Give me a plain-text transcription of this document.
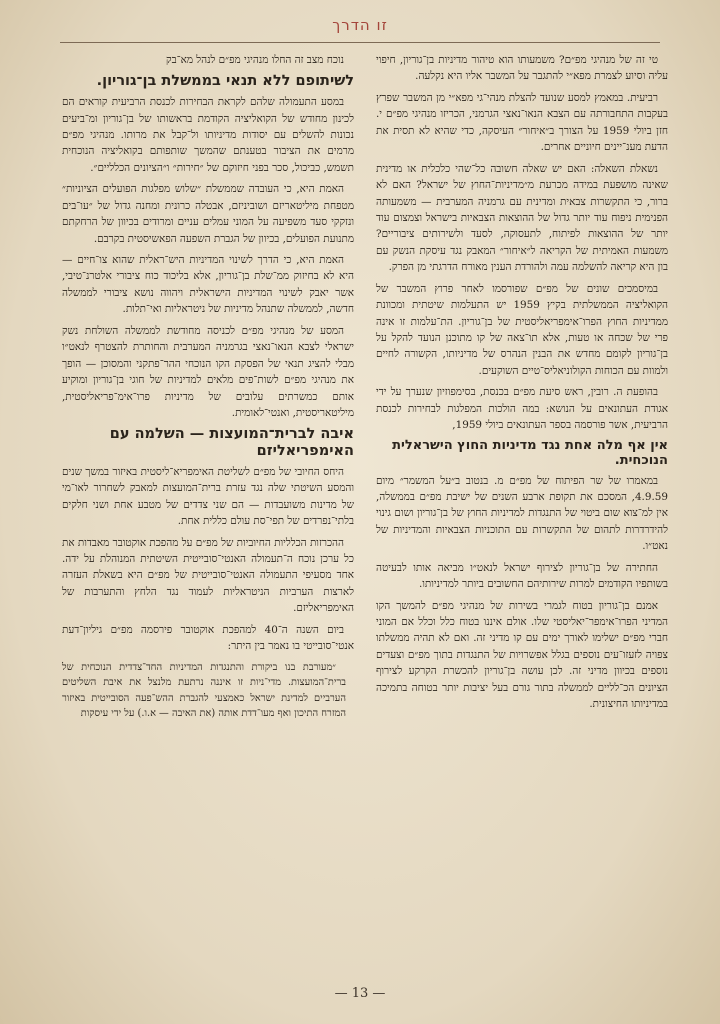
זו הדרך

טי זה של מנהיגי מפ״ם? משמעותו הוא טיהור מדיניות בן־גוריון, חיפוי עליה וסיוע לצמרת מפא״י להתגבר על המשבר אליו היא נקלעה.

רביעית. במאמץ למסע שנועד להצלת מנהי־גי מפא״י מן המשבר שפרץ בעקבות התחבורתה עם הצבא הנאו־נאצי הגרמני, הכריזו מנהיגי מפ״ם י. חזן ביולי 1959 על הצורך ב״איחור״ העיסקה, כדי שהיא לא תסית את הדעת מענ־יינים חיוניים אחרים.

נשאלת השאלה: האם יש שאלה חשובה כל־שהי כלכלית או מדינית שאינה מושפעת במידה מכרעת מ״מדיניות־החוץ של ישראל? האם לא ברור, כי התקשרות צבאית ומדינית עם גרמניה המערבית — משמעותה הפנימית ניפוח עוד יותר גדול של ההוצאות הצבאיות בישראל וצמצום עוד יותר של ההוצאות לפיתוח, לתעסוקה, לסעד ולשירותים ציבוריים? משמעות האמיתית של הקריאה ל״איחור״ המאבק נגד עיסקת הנשק עם בון היא קריאה להשלמה עמה ולהורדת הענין מאורח הדרגתי מן הפרק.

במיסמכים שונים של מפ״ם שפורסמו לאחר פרוץ המשבר של הקואליציה הממשלתית בקיץ 1959 יש התעלמות שיטתית ומכוונת ממדיניות החוץ הפרו־אימפריאליסטית של בן־גוריון. הת־עלמות זו אינה פרי של שכחה או טעות, אלא תו־צאה של קו מתוכנן הנועד להקל על בן־גוריון לקומם מחדש את הבנין הנהרס של מדיניותו, הקשורה לחיים ולמוות עם הכוחות הקולוניאליס־טיים השוקעים.

בהופעת ה. רובין, ראש סיעת מפ״ם בכנסת, בסימפוזיון שנערך על ידי אגודת העתונאים על הנושא: במה הולכות המפלגות לבחירות לכנסת הרביעית, אשר פורסמה בספר העתונאים ביולי 1959,

אין אף מלה אחת נגד מדיניות החוץ הישראלית הנוכחית.

במאמרו של שר הפיתוח של מפ״ם מ. בנטוב ב״על המשמר״ מיום 4.9.59, המסכם את תקופת ארבע השנים של ישיבת מפ״ם בממשלה, אין למ־צוא שום ביטוי של התנגדות למדיניות החוץ של בן־גוריון ושום גינוי להידרדרות לתהום של התקשרות עם התוכניות הצבאיות והמדיניות של נאט״ו.

החתירה של בן־גוריון לצירוף ישראל לנאט״ו מביאה אותו לבעיטה בשותפיו הקודמים למרות שירותיהם החשובים ביותר למדיניותו.

אמנם בן־גוריון בטוח לגמרי בשירות של מנהיגי מפ״ם להמשך הקו המדיני הפרו־אימפר־יאליסטי שלו. אולם איננו בטוח כלל וכלל אם המוני חברי מפ״ם ישלימו לאורך ימים עם קו מדיני זה. ואם לא תהיה ממשלתו צפויה לזעזו־עים נוספים בגלל אפשרויות של התנגדות בתוך מפ״ם וצעדים נוספים בכיוון מדיני זה. לכן עושה בן־גוריון להכשרת הקרקע לצירוף הציונים הכ־לליים לממשלה בתור גורם בעל יציבות יותר בטוחה בתמיכה במדיניותו החיצונית.

נוכח מצב זה החלו מנהיגי מפ״ם לנהל מא־בק

לשיתופם ללא תנאי בממשלת בן־גוריון.

במסע התעמולה שלהם לקראת הבחירות לכנסת הרביעית קוראים הם לכינון מחודש של הקואליציה הקודמת בראשותו של בן־גוריון ומ־ביעים נכונות להשלים עם יסודות מדיניותו ול־קבל את מרותו. מנהיגי מפ״ם מרמים את הציבור בטענתם שהמשך שותפותם בקואליציה הנוכחית תשמש, כביכול, סכר בפני חיזוקם של ״חירות״ ו״הציונים הכלליים״.

האמת היא, כי העובדה שממשלת ״שלוש מפלגות הפועלים הציוניות״ מטפחת מיליטאריזם ושוביניזם, אבטלה כרונית ומחנה גדול של ״עו־בים ונזקקי סעד משפיעה על המוני עמלים עניים ומרודים בכיוון של הרחקתם מתנועת הפועלים, בכיוון של הגברת השפעה הפאשיסטית בקרבם.

האמת היא, כי הדרך לשינוי המדיניות היש־ראלית שהוא צו־חיים — היא לא בחיזוק ממ־שלת בן־גוריון, אלא בליכוד כוח ציבורי אלטרנ־טיבי, אשר יאבק לשינוי המדיניות הישראלית ויהווה נושא ציבורי לממשלה חדשה, לממשלה שתנהל מדיניות של ניטראליות ואי־תלות.

המסע של מנהיגי מפ״ם לכניסה מחודשת לממשלה השולחת נשק ישראלי לצבא הנאו־נאצי בגרמניה המערבית והחותרת להצטרף לנאט״ו מבלי להציג תנאי של הפסקת הקו הנוכחי ההר־פתקני והמסוכן — הופך את מנהיגי מפ״ם לשות־פים מלאים למדיניות של חוגי בן־גוריון ומוקיע אותם כמשרתים עלובים של מדיניות פרו־אימ־פריאליסטית, מיליטאריסטית, ואנטי־לאומית.

איבה לברית־המועצות — השלמה עם האימפריאליזם

היחס החיובי של מפ״ם לשליטת האימפריא־ליסטית באיזור במשך שנים והמסע השיטתי שלה נגד עזרת ברית־המועצות למאבק לשחרור לאו־מי של מדינות משועבדות — הם שני צדדים של מטבע אחת ושני חלקים בלתי־נפרדים של תפי־סת עולם כללית אחת.

ההכרזות הכלליות החיוביות של מפ״ם על מהפכת אוקטובר מאבדות את כל ערכן נוכח ה־תעמולה האנטי־סובייטית השיטתית המנוהלת על ידה. אחד מסעיפי התעמולה האנטי־סובייטית של מפ״ם היא בשאלת העזרה לארצות הערביות הניטראליות לעמוד נגד הלחץ והתערבות של האימפריאליזם.

ביום השנה ה־40 למהפכת אוקטובר פירסמה מפ״ם גיליון־דעת אנטי־סובייטי בו נאמר בין היתר:

״מעורבת בנו ביקורת והתנגדות המדיניות החד־צדדית הנוכחית של ברית־המועצות. מדי־ניות זו איננה נרתעת מלנצל את איבת השליטים הערביים למדינת ישראל כאמצעי להגברת ההש־פעה הסובייטית באיזור המזרח התיכון ואף מעו־דדת אותה (את האיבה — א.ו.) על ידי עיסקות

— 13 —
